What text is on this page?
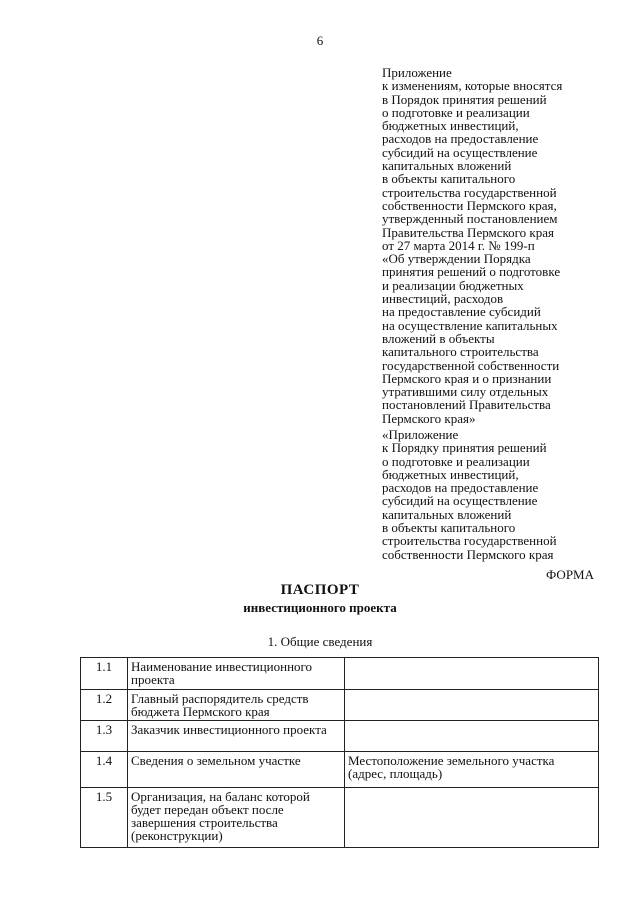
6
Приложение
к изменениям, которые вносятся
в Порядок принятия решений
о подготовке и реализации
бюджетных инвестиций,
расходов на предоставление
субсидий на осуществление
капитальных вложений
в объекты капитального
строительства государственной
собственности Пермского края,
утвержденный постановлением
Правительства Пермского края
от 27 марта 2014 г. № 199-п
«Об утверждении Порядка
принятия решений о подготовке
и реализации бюджетных
инвестиций, расходов
на предоставление субсидий
на осуществление капитальных
вложений в объекты
капитального строительства
государственной собственности
Пермского края и о признании
утратившими силу отдельных
постановлений Правительства
Пермского края»
«Приложение
к Порядку принятия решений
о подготовке и реализации
бюджетных инвестиций,
расходов на предоставление
субсидий на осуществление
капитальных вложений
в объекты капитального
строительства государственной
собственности Пермского края
ФОРМА
ПАСПОРТ
инвестиционного проекта
1. Общие сведения
1.1	Наименование инвестиционного проекта	
1.2	Главный распорядитель средств бюджета Пермского края	
1.3	Заказчик инвестиционного проекта	
1.4	Сведения о земельном участке	Местоположение земельного участка (адрес, площадь)
1.5	Организация, на баланс которой будет передан объект после завершения строительства (реконструкции)	
